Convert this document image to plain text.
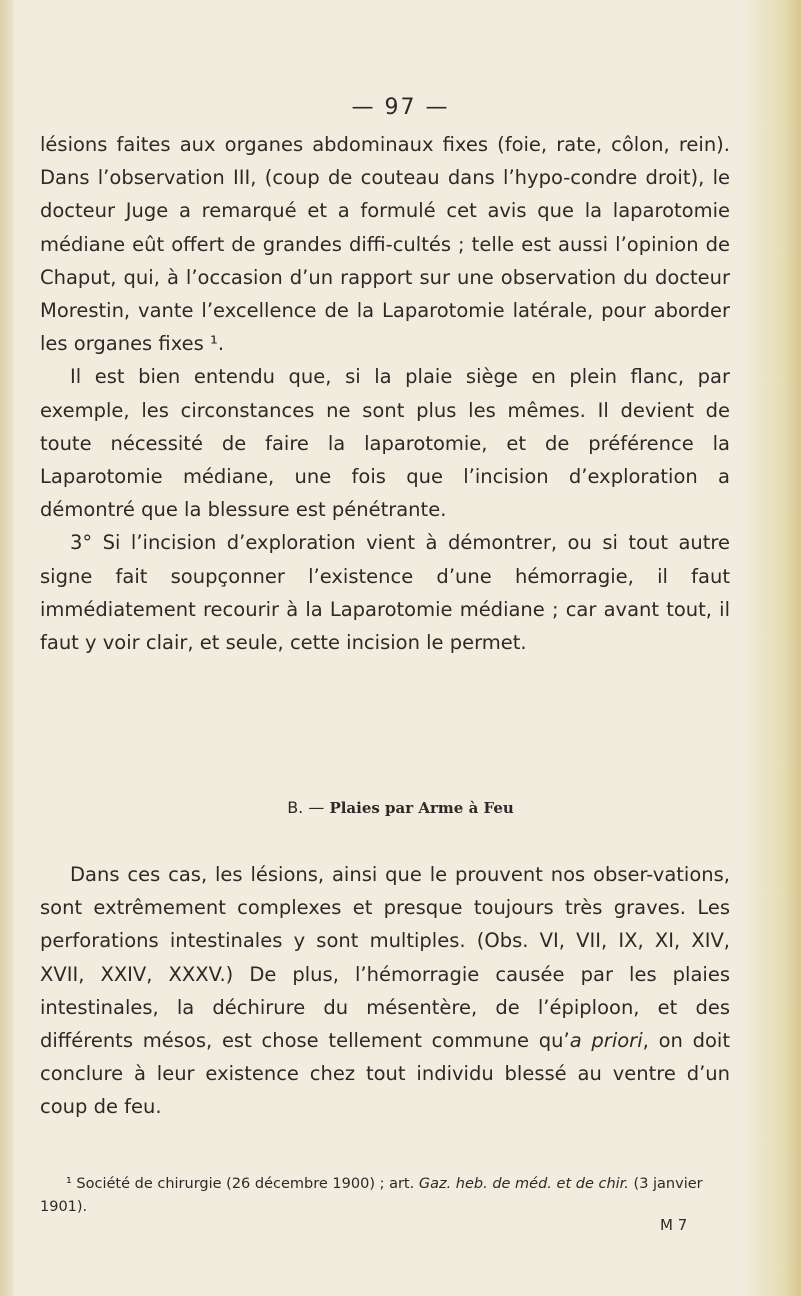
— 97 —

lésions faites aux organes abdominaux fixes (foie, rate, côlon, rein). Dans l’observation III, (coup de couteau dans l’hypo-condre droit), le docteur Juge a remarqué et a formulé cet avis que la laparotomie médiane eût offert de grandes diffi-cultés ; telle est aussi l’opinion de Chaput, qui, à l’occasion d’un rapport sur une observation du docteur Morestin, vante l’excellence de la Laparotomie latérale, pour aborder les organes fixes ¹.

Il est bien entendu que, si la plaie siège en plein flanc, par exemple, les circonstances ne sont plus les mêmes. Il devient de toute nécessité de faire la laparotomie, et de préférence la Laparotomie médiane, une fois que l’incision d’exploration a démontré que la blessure est pénétrante.

3° Si l’incision d’exploration vient à démontrer, ou si tout autre signe fait soupçonner l’existence d’une hémorragie, il faut immédiatement recourir à la Laparotomie médiane ; car avant tout, il faut y voir clair, et seule, cette incision le permet.

B. — Plaies par Arme à Feu

Dans ces cas, les lésions, ainsi que le prouvent nos obser-vations, sont extrêmement complexes et presque toujours très graves. Les perforations intestinales y sont multiples. (Obs. VI, VII, IX, XI, XIV, XVII, XXIV, XXXV.) De plus, l’hémorragie causée par les plaies intestinales, la déchirure du mésentère, de l’épiploon, et des différents mésos, est chose tellement commune qu’a priori, on doit conclure à leur existence chez tout individu blessé au ventre d’un coup de feu.

¹ Société de chirurgie (26 décembre 1900) ; art. Gaz. heb. de méd. et de chir. (3 janvier 1901).

M 7
